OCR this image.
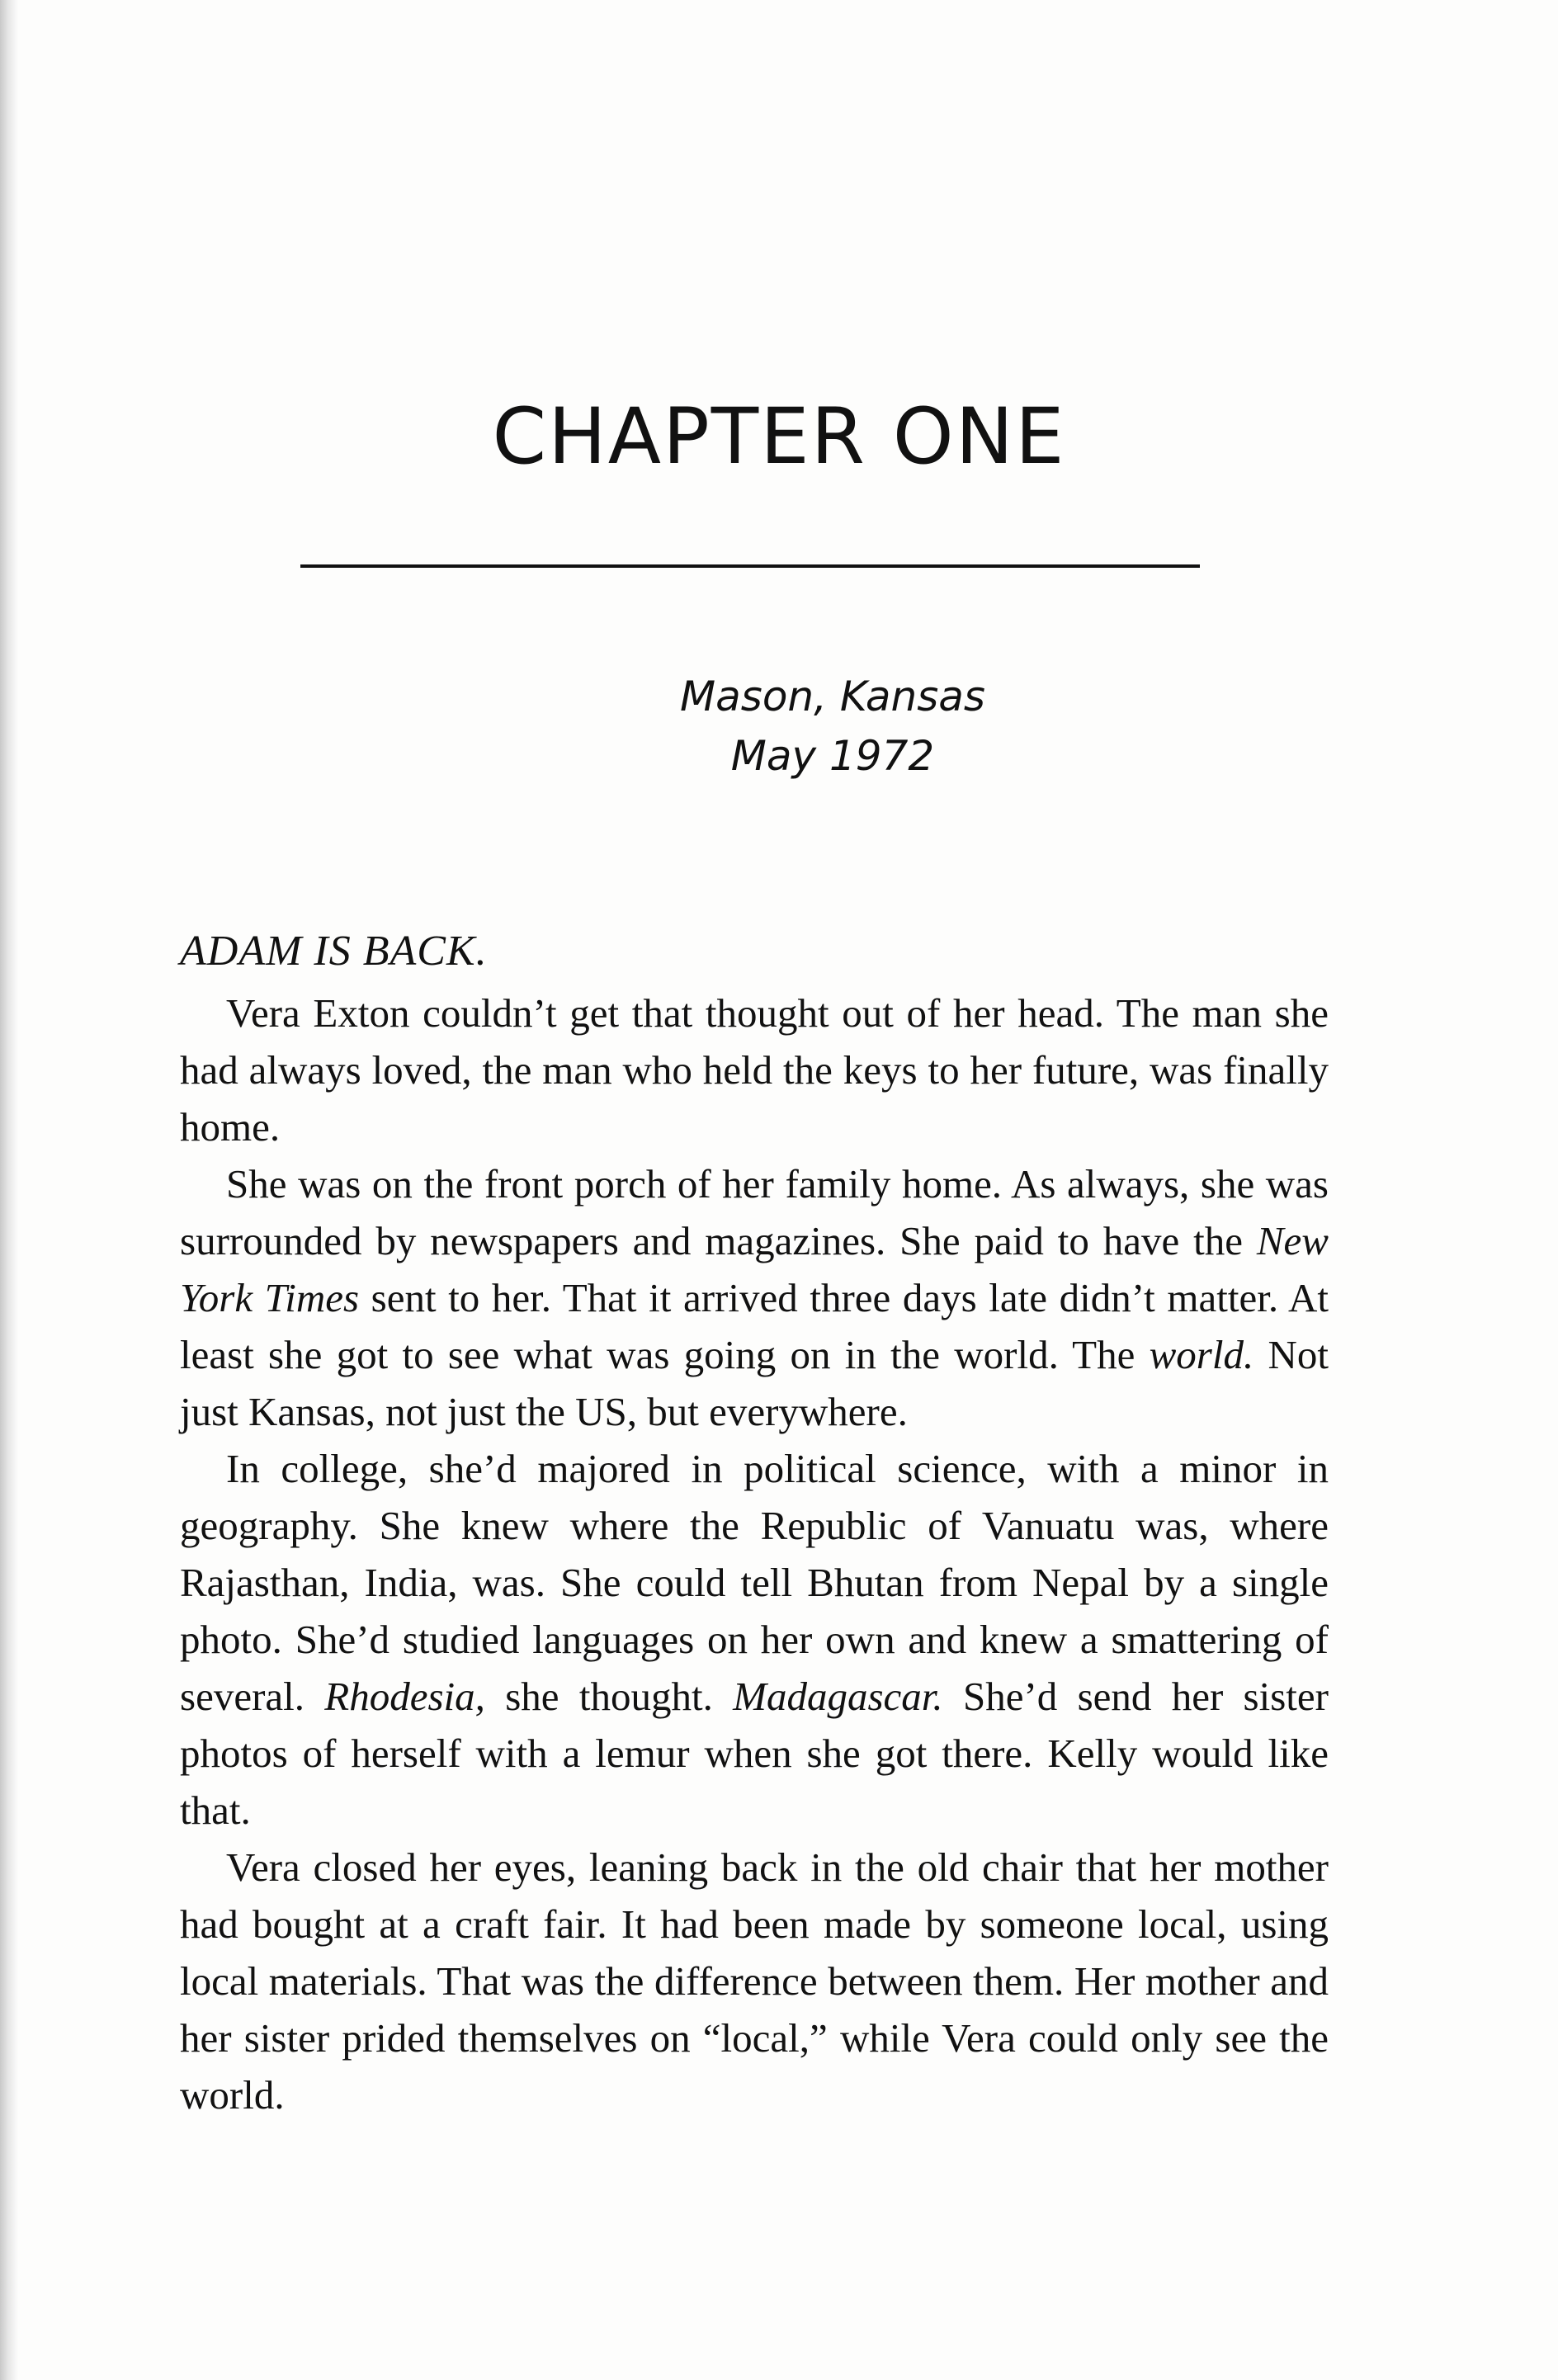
CHAPTER ONE
Mason, Kansas
May 1972

ADAM IS BACK.

Vera Exton couldn’t get that thought out of her head. The man she had always loved, the man who held the keys to her future, was finally home.

She was on the front porch of her family home. As always, she was surrounded by newspapers and magazines. She paid to have the New York Times sent to her. That it arrived three days late didn’t matter. At least she got to see what was going on in the world. The world. Not just Kansas, not just the US, but everywhere.

In college, she’d majored in political science, with a minor in geography. She knew where the Republic of Vanuatu was, where Rajasthan, India, was. She could tell Bhutan from Nepal by a single photo. She’d studied languages on her own and knew a smattering of several. Rhodesia, she thought. Madagascar. She’d send her sister photos of herself with a lemur when she got there. Kelly would like that.

Vera closed her eyes, leaning back in the old chair that her mother had bought at a craft fair. It had been made by someone local, using local materials. That was the difference between them. Her mother and her sister prided themselves on “local,” while Vera could only see the world.
